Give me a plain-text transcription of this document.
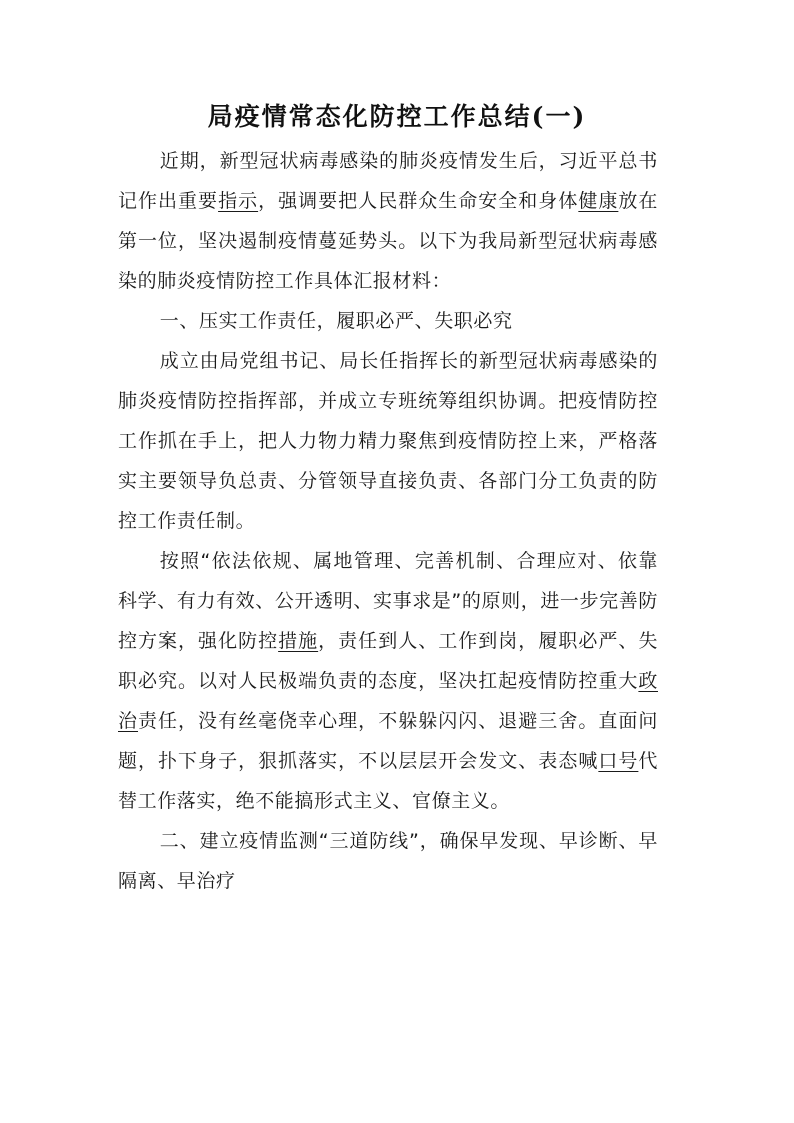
局疫情常态化防控工作总结(一)

近期，新型冠状病毒感染的肺炎疫情发生后，习近平总书记作出重要指示，强调要把人民群众生命安全和身体健康放在第一位，坚决遏制疫情蔓延势头。以下为我局新型冠状病毒感染的肺炎疫情防控工作具体汇报材料：

一、压实工作责任，履职必严、失职必究

成立由局党组书记、局长任指挥长的新型冠状病毒感染的肺炎疫情防控指挥部，并成立专班统筹组织协调。把疫情防控工作抓在手上，把人力物力精力聚焦到疫情防控上来，严格落实主要领导负总责、分管领导直接负责、各部门分工负责的防控工作责任制。

按照“依法依规、属地管理、完善机制、合理应对、依靠科学、有力有效、公开透明、实事求是”的原则，进一步完善防控方案，强化防控措施，责任到人、工作到岗，履职必严、失职必究。以对人民极端负责的态度，坚决扛起疫情防控重大政治责任，没有丝毫侥幸心理，不躲躲闪闪、退避三舍。直面问题，扑下身子，狠抓落实，不以层层开会发文、表态喊口号代替工作落实，绝不能搞形式主义、官僚主义。

二、建立疫情监测“三道防线”，确保早发现、早诊断、早隔离、早治疗
